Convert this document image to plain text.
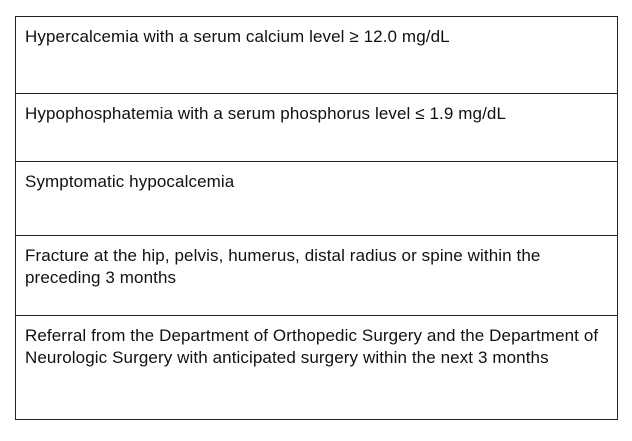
Hypercalcemia with a serum calcium level ≥ 12.0 mg/dL
Hypophosphatemia with a serum phosphorus level ≤ 1.9 mg/dL
Symptomatic hypocalcemia
Fracture at the hip, pelvis, humerus, distal radius or spine within the preceding 3 months
Referral from the Department of Orthopedic Surgery and the Department of Neurologic Surgery with anticipated surgery within the next 3 months
